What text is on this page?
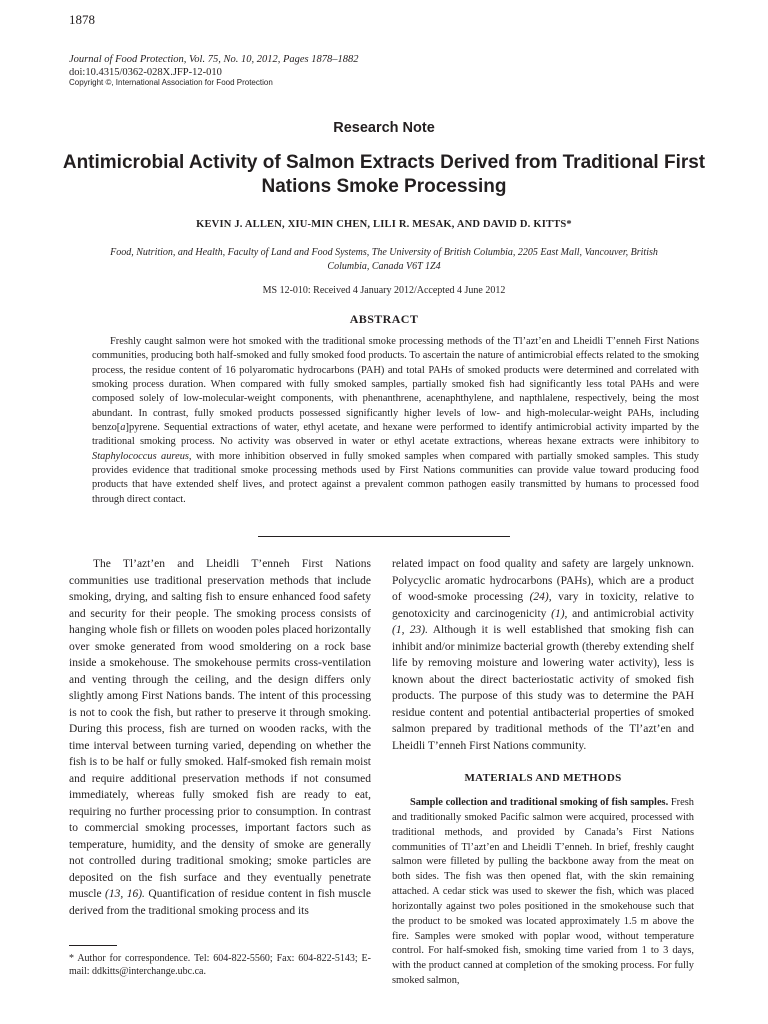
1878
Journal of Food Protection, Vol. 75, No. 10, 2012, Pages 1878–1882
doi:10.4315/0362-028X.JFP-12-010
Copyright ©, International Association for Food Protection
Research Note
Antimicrobial Activity of Salmon Extracts Derived from Traditional First Nations Smoke Processing
KEVIN J. ALLEN, XIU-MIN CHEN, LILI R. MESAK, AND DAVID D. KITTS*
Food, Nutrition, and Health, Faculty of Land and Food Systems, The University of British Columbia, 2205 East Mall, Vancouver, British Columbia, Canada V6T 1Z4
MS 12-010: Received 4 January 2012/Accepted 4 June 2012
ABSTRACT

Freshly caught salmon were hot smoked with the traditional smoke processing methods of the Tl’azt’en and Lheidli T’enneh First Nations communities, producing both half-smoked and fully smoked food products. To ascertain the nature of antimicrobial effects related to the smoking process, the residue content of 16 polyaromatic hydrocarbons (PAH) and total PAHs of smoked products were determined and correlated with smoking process duration. When compared with fully smoked samples, partially smoked fish had significantly less total PAHs and were composed solely of low-molecular-weight components, with phenanthrene, acenaphthylene, and napthlalene, respectively, being the most abundant. In contrast, fully smoked products possessed significantly higher levels of low- and high-molecular-weight PAHs, including benzo[a]pyrene. Sequential extractions of water, ethyl acetate, and hexane were performed to identify antimicrobial activity imparted by the traditional smoking process. No activity was observed in water or ethyl acetate extractions, whereas hexane extracts were inhibitory to Staphylococcus aureus, with more inhibition observed in fully smoked samples when compared with partially smoked samples. This study provides evidence that traditional smoke processing methods used by First Nations communities can provide value toward producing food products that have extended shelf lives, and protect against a prevalent common pathogen easily transmitted by humans to processed food through direct contact.

The Tl’azt’en and Lheidli T’enneh First Nations communities use traditional preservation methods that include smoking, drying, and salting fish to ensure enhanced food safety and security for their people. The smoking process consists of hanging whole fish or fillets on wooden poles placed horizontally over smoke generated from wood smoldering on a rock base inside a smokehouse. The smokehouse permits cross-ventilation and venting through the ceiling, and the design differs only slightly among First Nations bands. The intent of this processing is not to cook the fish, but rather to preserve it through smoking. During this process, fish are turned on wooden racks, with the time interval between turning varied, depending on whether the fish is to be half or fully smoked. Half-smoked fish remain moist and require additional preservation methods if not consumed immediately, whereas fully smoked fish are ready to eat, requiring no further processing prior to consumption. In contrast to commercial smoking processes, important factors such as temperature, humidity, and the density of smoke are generally not controlled during traditional smoking; smoke particles are deposited on the fish surface and they eventually penetrate muscle (13, 16). Quantification of residue content in fish muscle derived from the traditional smoking process and its

related impact on food quality and safety are largely unknown. Polycyclic aromatic hydrocarbons (PAHs), which are a product of wood-smoke processing (24), vary in toxicity, relative to genotoxicity and carcinogenicity (1), and antimicrobial activity (1, 23). Although it is well established that smoking fish can inhibit and/or minimize bacterial growth (thereby extending shelf life by removing moisture and lowering water activity), less is known about the direct bacteriostatic activity of smoked fish products. The purpose of this study was to determine the PAH residue content and potential antibacterial properties of smoked salmon prepared by traditional methods of the Tl’azt’en and Lheidli T’enneh First Nations community.

MATERIALS AND METHODS

Sample collection and traditional smoking of fish samples. Fresh and traditionally smoked Pacific salmon were acquired, processed with traditional methods, and provided by Canada’s First Nations communities of Tl’azt’en and Lheidli T’enneh. In brief, freshly caught salmon were filleted by pulling the backbone away from the meat on both sides. The fish was then opened flat, with the skin remaining attached. A cedar stick was used to skewer the fish, which was placed horizontally against two poles positioned in the smokehouse such that the product to be smoked was located approximately 1.5 m above the fire. Samples were smoked with poplar wood, without temperature control. For half-smoked fish, smoking time varied from 1 to 3 days, with the product canned at completion of the smoking process. For fully smoked salmon,

* Author for correspondence. Tel: 604-822-5560; Fax: 604-822-5143; E-mail: ddkitts@interchange.ubc.ca.
